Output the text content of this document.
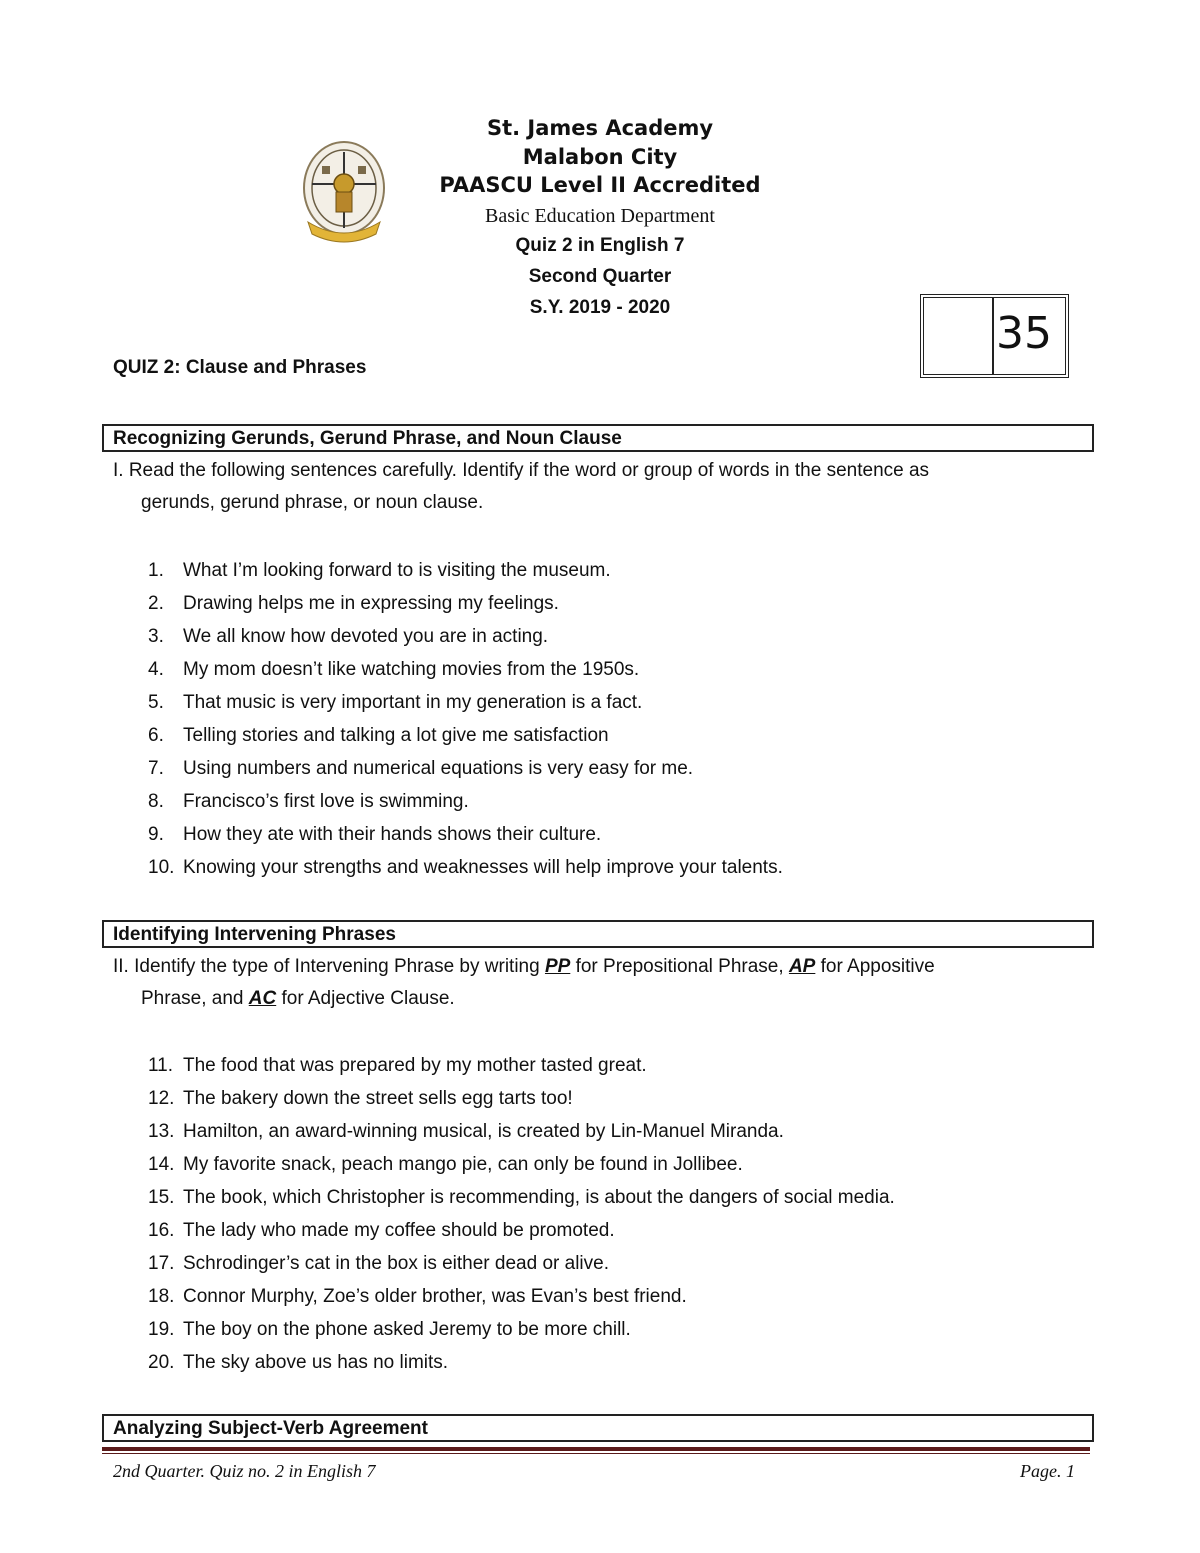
St. James Academy
Malabon City
PAASCU Level II Accredited
Basic Education Department
Quiz 2 in English 7
Second Quarter
S.Y. 2019 - 2020
35
QUIZ 2: Clause and Phrases
Recognizing Gerunds, Gerund Phrase, and Noun Clause
I. Read the following sentences carefully. Identify if the word or group of words in the sentence as
gerunds, gerund phrase, or noun clause.
1. What I’m looking forward to is visiting the museum.
2. Drawing helps me in expressing my feelings.
3. We all know how devoted you are in acting.
4. My mom doesn’t like watching movies from the 1950s.
5. That music is very important in my generation is a fact.
6. Telling stories and talking a lot give me satisfaction
7. Using numbers and numerical equations is very easy for me.
8. Francisco’s first love is swimming.
9. How they ate with their hands shows their culture.
10. Knowing your strengths and weaknesses will help improve your talents.
Identifying Intervening Phrases
II. Identify the type of Intervening Phrase by writing PP for Prepositional Phrase, AP for Appositive
Phrase, and AC for Adjective Clause.
11. The food that was prepared by my mother tasted great.
12. The bakery down the street sells egg tarts too!
13. Hamilton, an award-winning musical, is created by Lin-Manuel Miranda.
14. My favorite snack, peach mango pie, can only be found in Jollibee.
15. The book, which Christopher is recommending, is about the dangers of social media.
16. The lady who made my coffee should be promoted.
17. Schrodinger’s cat in the box is either dead or alive.
18. Connor Murphy, Zoe’s older brother, was Evan’s best friend.
19. The boy on the phone asked Jeremy to be more chill.
20. The sky above us has no limits.
Analyzing Subject-Verb Agreement
2nd Quarter. Quiz no. 2 in English 7	Page. 1
